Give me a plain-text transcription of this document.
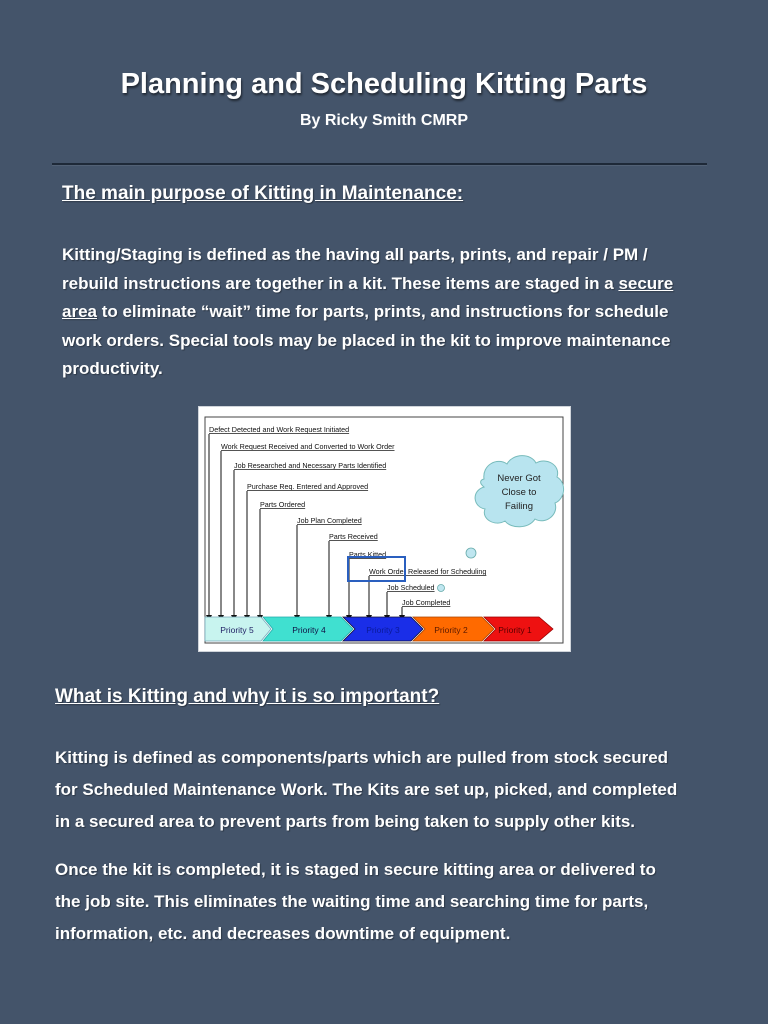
Planning and Scheduling Kitting Parts
By Ricky Smith CMRP
The main purpose of Kitting in Maintenance:
Kitting/Staging is defined as the having all parts, prints, and repair / PM /
rebuild instructions are together in a kit. These items are staged in a secure
area to eliminate “wait” time for parts, prints, and instructions for schedule
work orders. Special tools may be placed in the kit to improve maintenance
productivity.
Defect Detected and Work Request Initiated
Work Request Received and Converted to Work Order
Job Researched and Necessary Parts Identified
Purchase Req. Entered and Approved
Parts Ordered
Job Plan Completed
Parts Received
Parts Kitted
Work Order Released for Scheduling
Job Scheduled
Job Completed
Never Got
Close to
Failing
Priority 5	Priority 4	Priority 3	Priority 2	Priority 1
What is Kitting and why it is so important?
Kitting is defined as components/parts which are pulled from stock secured
for Scheduled Maintenance Work. The Kits are set up, picked, and completed
in a secured area to prevent parts from being taken to supply other kits.
Once the kit is completed, it is staged in secure kitting area or delivered to
the job site. This eliminates the waiting time and searching time for parts,
information, etc. and decreases downtime of equipment.
